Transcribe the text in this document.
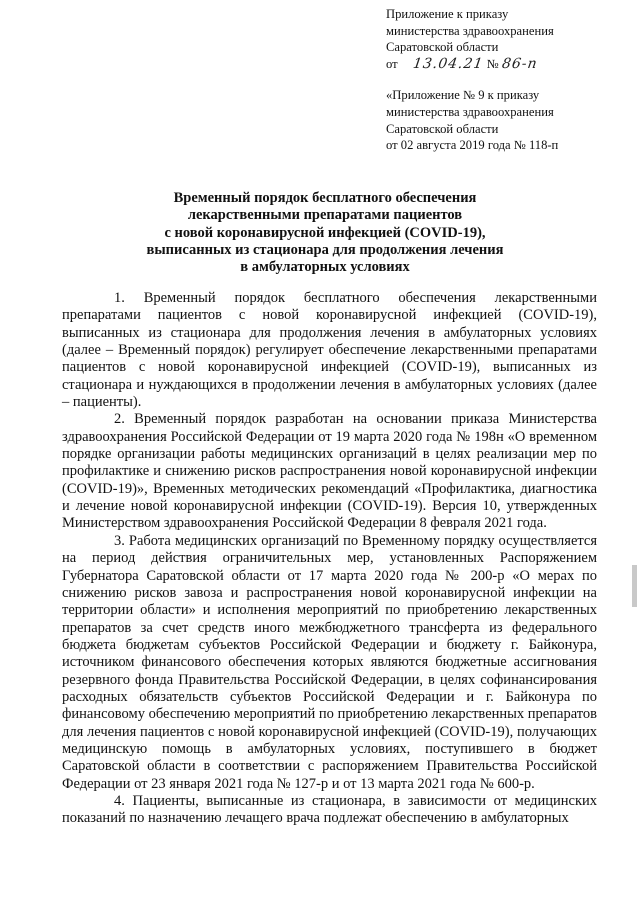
Приложение к приказу
министерства здравоохранения
Саратовской области
от 13.04.21 № 86-п
«Приложение № 9 к приказу
министерства здравоохранения
Саратовской области
от 02 августа 2019 года № 118-п
Временный порядок бесплатного обеспечения
лекарственными препаратами пациентов
с новой коронавирусной инфекцией (COVID-19),
выписанных из стационара для продолжения лечения
в амбулаторных условиях

1. Временный порядок бесплатного обеспечения лекарственными препаратами пациентов с новой коронавирусной инфекцией (COVID-19), выписанных из стационара для продолжения лечения в амбулаторных условиях (далее – Временный порядок) регулирует обеспечение лекарственными препаратами пациентов с новой коронавирусной инфекцией (COVID-19), выписанных из стационара и нуждающихся в продолжении лечения в амбулаторных условиях (далее – пациенты).

2. Временный порядок разработан на основании приказа Министерства здравоохранения Российской Федерации от 19 марта 2020 года № 198н «О временном порядке организации работы медицинских организаций в целях реализации мер по профилактике и снижению рисков распространения новой коронавирусной инфекции (COVID-19)», Временных методических рекомендаций «Профилактика, диагностика и лечение новой коронавирусной инфекции (COVID-19). Версия 10, утвержденных Министерством здравоохранения Российской Федерации 8 февраля 2021 года.

3. Работа медицинских организаций по Временному порядку осуществляется на период действия ограничительных мер, установленных Распоряжением Губернатора Саратовской области от 17 марта 2020 года № 200-р «О мерах по снижению рисков завоза и распространения новой коронавирусной инфекции на территории области» и исполнения мероприятий по приобретению лекарственных препаратов за счет средств иного межбюджетного трансферта из федерального бюджета бюджетам субъектов Российской Федерации и бюджету г. Байконура, источником финансового обеспечения которых являются бюджетные ассигнования резервного фонда Правительства Российской Федерации, в целях софинансирования расходных обязательств субъектов Российской Федерации и г. Байконура по финансовому обеспечению мероприятий по приобретению лекарственных препаратов для лечения пациентов с новой коронавирусной инфекцией (COVID-19), получающих медицинскую помощь в амбулаторных условиях, поступившего в бюджет Саратовской области в соответствии с распоряжением Правительства Российской Федерации от 23 января 2021 года № 127-р и от 13 марта 2021 года № 600-р.

4. Пациенты, выписанные из стационара, в зависимости от медицинских показаний по назначению лечащего врача подлежат обеспечению в амбулаторных
